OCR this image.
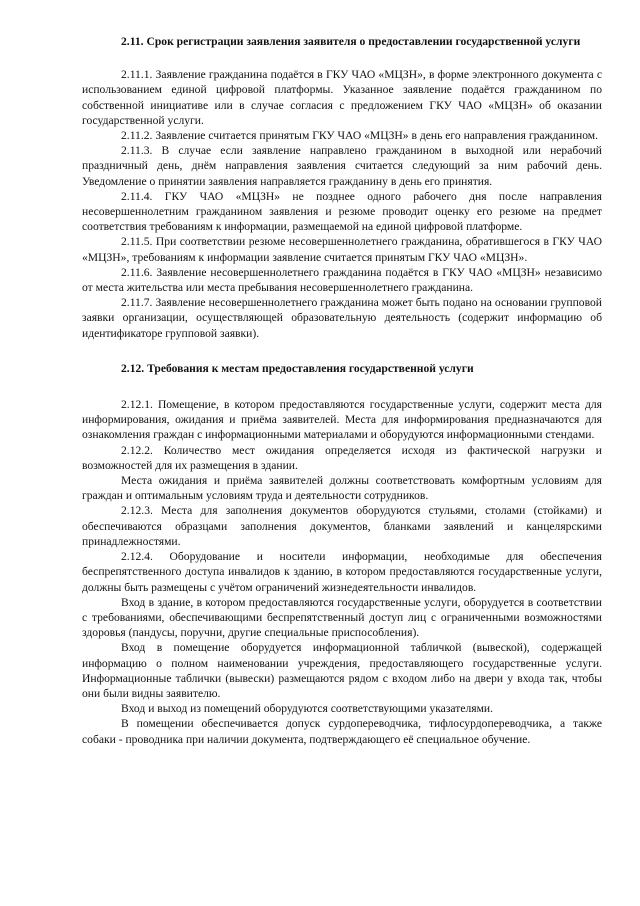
2.11. Срок регистрации заявления заявителя о предоставлении государственной услуги

2.11.1. Заявление гражданина подаётся в ГКУ ЧАО «МЦЗН», в форме электронного документа с использованием единой цифровой платформы. Указанное заявление подаётся гражданином по собственной инициативе или в случае согласия с предложением ГКУ ЧАО «МЦЗН» об оказании государственной услуги.

2.11.2. Заявление считается принятым ГКУ ЧАО «МЦЗН» в день его направления гражданином.

2.11.3. В случае если заявление направлено гражданином в выходной или нерабочий праздничный день, днём направления заявления считается следующий за ним рабочий день. Уведомление о принятии заявления направляется гражданину в день его принятия.

2.11.4. ГКУ ЧАО «МЦЗН» не позднее одного рабочего дня после направления несовершеннолетним гражданином заявления и резюме проводит оценку его резюме на предмет соответствия требованиям к информации, размещаемой на единой цифровой платформе.

2.11.5. При соответствии резюме несовершеннолетнего гражданина, обратившегося в ГКУ ЧАО «МЦЗН», требованиям к информации заявление считается принятым ГКУ ЧАО «МЦЗН».

2.11.6. Заявление несовершеннолетнего гражданина подаётся в ГКУ ЧАО «МЦЗН» независимо от места жительства или места пребывания несовершеннолетнего гражданина.

2.11.7. Заявление несовершеннолетнего гражданина может быть подано на основании групповой заявки организации, осуществляющей образовательную деятельность (содержит информацию об идентификаторе групповой заявки).

2.12. Требования к местам предоставления государственной услуги

2.12.1. Помещение, в котором предоставляются государственные услуги, содержит места для информирования, ожидания и приёма заявителей. Места для информирования предназначаются для ознакомления граждан с информационными материалами и оборудуются информационными стендами.

2.12.2. Количество мест ожидания определяется исходя из фактической нагрузки и возможностей для их размещения в здании.

Места ожидания и приёма заявителей должны соответствовать комфортным условиям для граждан и оптимальным условиям труда и деятельности сотрудников.

2.12.3. Места для заполнения документов оборудуются стульями, столами (стойками) и обеспечиваются образцами заполнения документов, бланками заявлений и канцелярскими принадлежностями.

2.12.4. Оборудование и носители информации, необходимые для обеспечения беспрепятственного доступа инвалидов к зданию, в котором предоставляются государственные услуги, должны быть размещены с учётом ограничений жизнедеятельности инвалидов.

Вход в здание, в котором предоставляются государственные услуги, оборудуется в соответствии с требованиями, обеспечивающими беспрепятственный доступ лиц с ограниченными возможностями здоровья (пандусы, поручни, другие специальные приспособления).

Вход в помещение оборудуется информационной табличкой (вывеской), содержащей информацию о полном наименовании учреждения, предоставляющего государственные услуги. Информационные таблички (вывески) размещаются рядом с входом либо на двери у входа так, чтобы они были видны заявителю.

Вход и выход из помещений оборудуются соответствующими указателями.

В помещении обеспечивается допуск сурдопереводчика, тифлосурдопереводчика, а также собаки - проводника при наличии документа, подтверждающего её специальное обучение.
